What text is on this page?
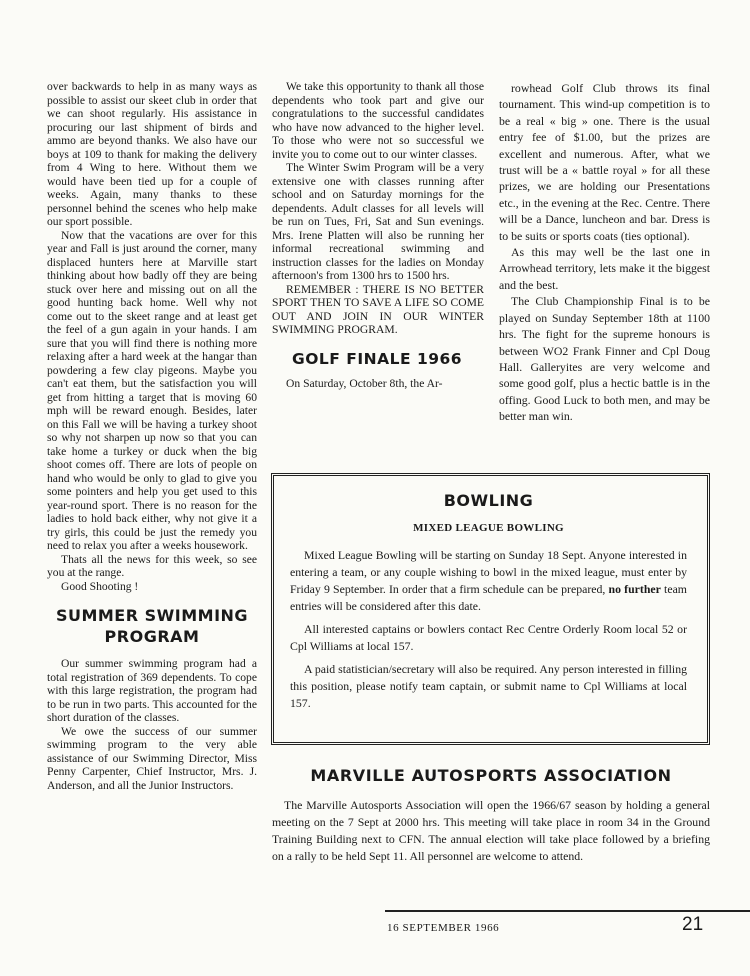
over backwards to help in as many ways as possible to assist our skeet club in order that we can shoot regularly. His assistance in procuring our last shipment of birds and ammo are beyond thanks. We also have our boys at 109 to thank for making the delivery from 4 Wing to here. Without them we would have been tied up for a couple of weeks. Again, many thanks to these personnel behind the scenes who help make our sport possible.

Now that the vacations are over for this year and Fall is just around the corner, many displaced hunters here at Marville start thinking about how badly off they are being stuck over here and missing out on all the good hunting back home. Well why not come out to the skeet range and at least get the feel of a gun again in your hands. I am sure that you will find there is nothing more relaxing after a hard week at the hangar than powdering a few clay pigeons. Maybe you can't eat them, but the satisfaction you will get from hitting a target that is moving 60 mph will be reward enough. Besides, later on this Fall we will be having a turkey shoot so why not sharpen up now so that you can take home a turkey or duck when the big shoot comes off. There are lots of people on hand who would be only to glad to give you some pointers and help you get used to this year-round sport. There is no reason for the ladies to hold back either, why not give it a try girls, this could be just the remedy you need to relax you after a weeks housework.

Thats all the news for this week, so see you at the range.

Good Shooting !

SUMMER SWIMMING PROGRAM

Our summer swimming program had a total registration of 369 dependents. To cope with this large registration, the program had to be run in two parts. This accounted for the short duration of the classes.

We owe the success of our summer swimming program to the very able assistance of our Swimming Director, Miss Penny Carpenter, Chief Instructor, Mrs. J. Anderson, and all the Junior Instructors.

We take this opportunity to thank all those dependents who took part and give our congratulations to the successful candidates who have now advanced to the higher level. To those who were not so successful we invite you to come out to our winter classes.

The Winter Swim Program will be a very extensive one with classes running after school and on Saturday mornings for the dependents. Adult classes for all levels will be run on Tues, Fri, Sat and Sun evenings. Mrs. Irene Platten will also be running her informal recreational swimming and instruction classes for the ladies on Monday afternoon's from 1300 hrs to 1500 hrs.

REMEMBER : THERE IS NO BETTER SPORT THEN TO SAVE A LIFE SO COME OUT AND JOIN IN OUR WINTER SWIMMING PROGRAM.

GOLF FINALE 1966

On Saturday, October 8th, the Ar-

rowhead Golf Club throws its final tournament. This wind-up competition is to be a real « big » one. There is the usual entry fee of $1.00, but the prizes are excellent and numerous. After, what we trust will be a « battle royal » for all these prizes, we are holding our Presentations etc., in the evening at the Rec. Centre. There will be a Dance, luncheon and bar. Dress is to be suits or sports coats (ties optional).

As this may well be the last one in Arrowhead territory, lets make it the biggest and the best.

The Club Championship Final is to be played on Sunday September 18th at 1100 hrs. The fight for the supreme honours is between WO2 Frank Finner and Cpl Doug Hall. Galleryites are very welcome and some good golf, plus a hectic battle is in the offing. Good Luck to both men, and may be better man win.

BOWLING
MIXED LEAGUE BOWLING

Mixed League Bowling will be starting on Sunday 18 Sept. Anyone interested in entering a team, or any couple wishing to bowl in the mixed league, must enter by Friday 9 September. In order that a firm schedule can be prepared, no further team entries will be considered after this date.

All interested captains or bowlers contact Rec Centre Orderly Room local 52 or Cpl Williams at local 157.

A paid statistician/secretary will also be required. Any person interested in filling this position, please notify team captain, or submit name to Cpl Williams at local 157.

MARVILLE AUTOSPORTS ASSOCIATION

The Marville Autosports Association will open the 1966/67 season by holding a general meeting on the 7 Sept at 2000 hrs. This meeting will take place in room 34 in the Ground Training Building next to CFN. The annual election will take place followed by a briefing on a rally to be held Sept 11. All personnel are welcome to attend.

16 SEPTEMBER 1966	21
